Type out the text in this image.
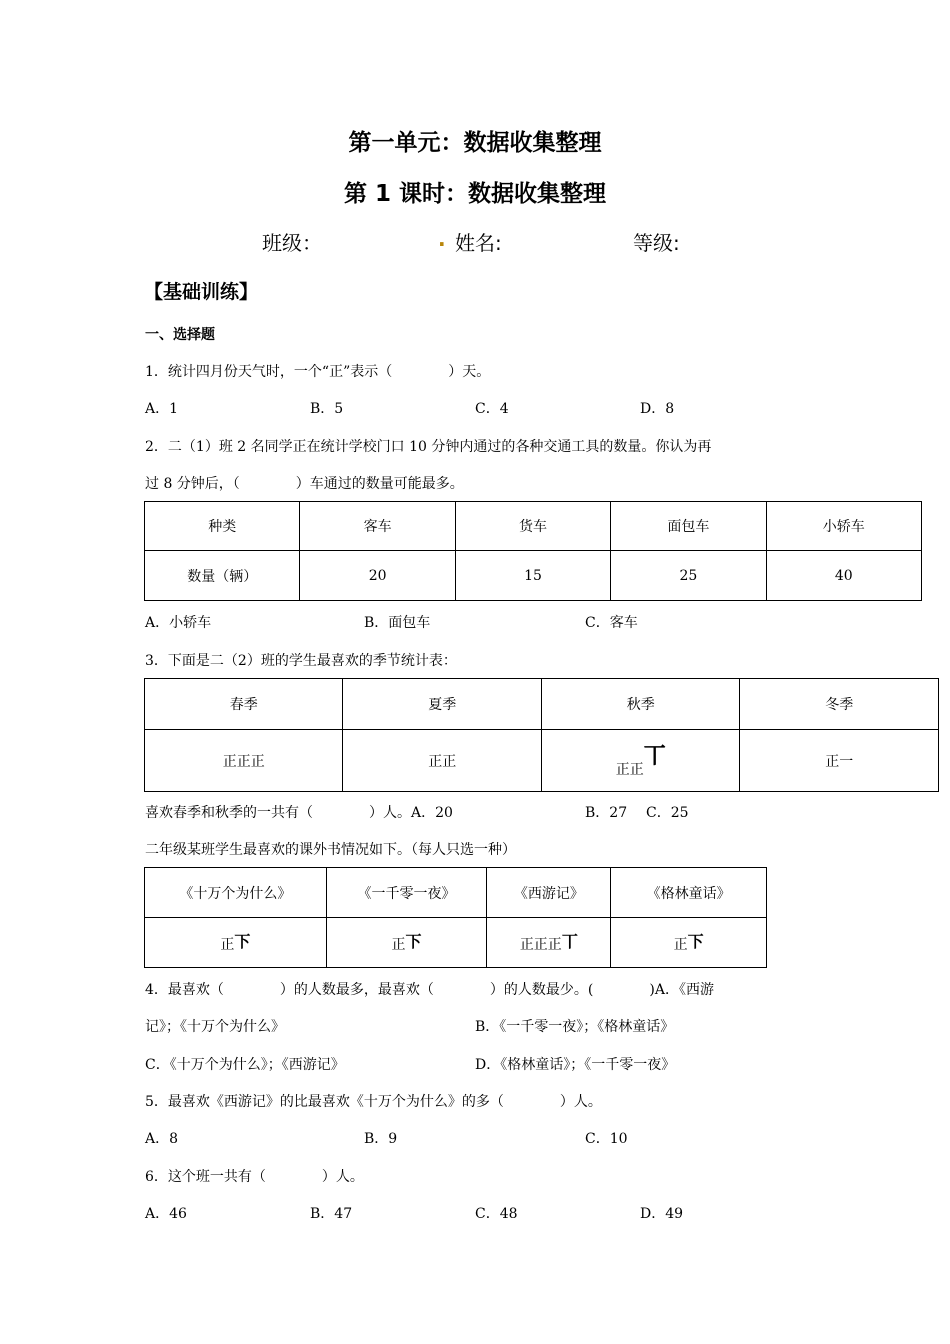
第一单元：数据收集整理
第 1 课时：数据收集整理
班级：	. 姓名:	等级:
【基础训练】
一、选择题
1．统计四月份天气时，一个“正”表示（　　　　）天。
A．1	B．5	C．4	D．8
2．二（1）班 2 名同学正在统计学校门口 10 分钟内通过的各种交通工具的数量。你认为再
过 8 分钟后，（　　　　）车通过的数量可能最多。
种类	客车	货车	面包车	小轿车
数量（辆）	20	15	25	40
A．小轿车	B．面包车	C．客车
3．下面是二（2）班的学生最喜欢的季节统计表：
春季	夏季	秋季	冬季
正正正	正正	正正丅	正一
喜欢春季和秋季的一共有（　　　　）人。A．20	B．27 C．25
二年级某班学生最喜欢的课外书情况如下。（每人只选一种）
《十万个为什么》	《一千零一夜》	《西游记》	《格林童话》
正下	正下	正正正丅	正下
4．最喜欢（　　　　）的人数最多，最喜欢（　　　　）的人数最少。(　　　　)A．《西游
记》；《十万个为什么》	B．《一千零一夜》；《格林童话》
C．《十万个为什么》；《西游记》	D．《格林童话》；《一千零一夜》
5．最喜欢《西游记》的比最喜欢《十万个为什么》的多（　　　　）人。
A．8	B．9	C．10
6．这个班一共有（　　　　）人。
A．46	B．47	C．48	D．49
